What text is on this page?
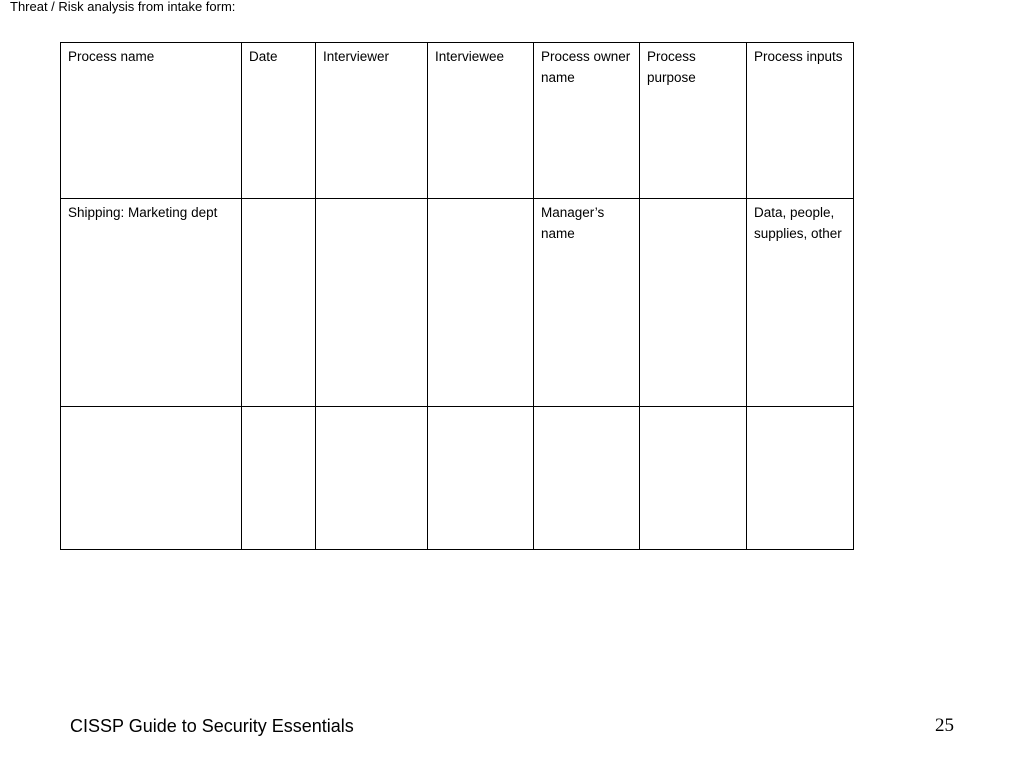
Threat / Risk analysis from intake form:
Process name	Date	Interviewer	Interviewee	Process owner name	Process purpose	Process inputs
Shipping: Marketing dept				Manager’s name		Data, people, supplies, other

CISSP Guide to Security Essentials	25
